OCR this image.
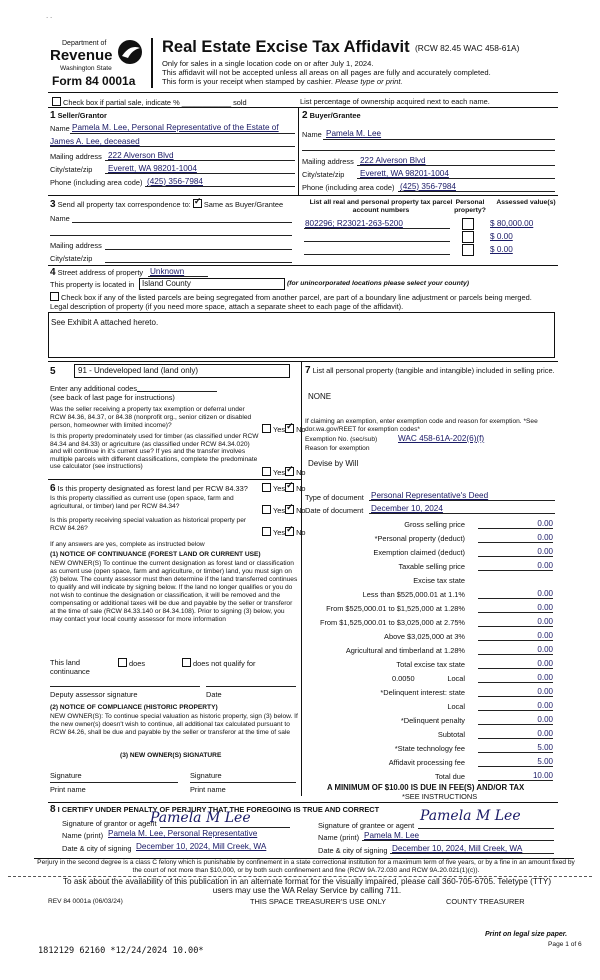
· ·
Department of
Revenue
Washington State
Form 84 0001a
Real Estate Excise Tax Affidavit (RCW 82.45 WAC 458-61A)
Only for sales in a single location code on or after July 1, 2024.
This affidavit will not be accepted unless all areas on all pages are fully and accurately completed.
This form is your receipt when stamped by cashier. Please type or print.
Check box if partial sale, indicate % ____________ sold	List percentage of ownership acquired next to each name.
1 Seller/Grantor
Name Pamela M. Lee, Personal Representative of the Estate of
James A. Lee, deceased
Mailing address 222 Alverson Blvd
City/state/zip Everett, WA 98201-1004
Phone (including area code) (425) 356-7984
2 Buyer/Grantee
Name Pamela M. Lee
Mailing address 222 Alverson Blvd
City/state/zip Everett, WA 98201-1004
Phone (including area code) (425) 356-7984
3 Send all property tax correspondence to: ✓ Same as Buyer/Grantee
Name
Mailing address
City/state/zip
List all real and personal property tax parcel account numbers
Personal property?
Assessed value(s)
802296; R23021-263-5200	$ 80,000.00
$ 0.00
$ 0.00
4 Street address of property Unknown
This property is located in Island County	(for unincorporated locations please select your county)
Check box if any of the listed parcels are being segregated from another parcel, are part of a boundary line adjustment or parcels being merged.
Legal description of property (if you need more space, attach a separate sheet to each page of the affidavit).
See Exhibit A attached hereto.
5	91 - Undeveloped land (land only)
Enter any additional codes
(see back of last page for instructions)
Was the seller receiving a property tax exemption or deferral under RCW 84.36, 84.37, or 84.38 (nonprofit org., senior citizen or disabled person, homeowner with limited income)?	Yes ✓ No
Is this property predominately used for timber (as classified under RCW 84.34 and 84.33) or agriculture (as classified under RCW 84.34.020) and will continue in it's current use? If yes and the transfer involves multiple parcels with different classifications, complete the predominate use calculator (see instructions)
Yes ✓ No
6 Is this property designated as forest land per RCW 84.33?	Yes ✓ No
Is this property classified as current use (open space, farm and agricultural, or timber) land per RCW 84.34?	Yes ✓ No
Is this property receiving special valuation as historical property per RCW 84.26?	Yes ✓ No
If any answers are yes, complete as instructed below
(1) NOTICE OF CONTINUANCE (FOREST LAND OR CURRENT USE)
NEW OWNER(S) To continue the current designation as forest land or classification as current use (open space, farm and agriculture, or timber) land, you must sign on (3) below. The county assessor must then determine if the land transferred continues to qualify and will indicate by signing below. If the land no longer qualifies or you do not wish to continue the designation or classification, it will be removed and the compensating or additional taxes will be due and payable by the seller or transferor at the time of sale (RCW 84.33.140 or 84.34.108). Prior to signing (3) below, you may contact your local county assessor for more information
This land	does	does not qualify for
continuance
Deputy assessor signature	Date
(2) NOTICE OF COMPLIANCE (HISTORIC PROPERTY)
NEW OWNER(S): To continue special valuation as historic property, sign (3) below. If the new owner(s) doesn't wish to continue, all additional tax calculated pursuant to RCW 84.26, shall be due and payable by the seller or transferor at the time of sale
(3) NEW OWNER(S) SIGNATURE
Signature	Signature
Print name	Print name
7 List all personal property (tangible and intangible) included in selling price.
NONE
If claiming an exemption, enter exemption code and reason for exemption. *See dor.wa.gov/REET for exemption codes*
Exemption No. (sec/sub)	WAC 458-61A-202(6)(f)
Reason for exemption
Devise by Will
Type of document Personal Representative's Deed
Date of document December 10, 2024
Gross selling price	0.00
*Personal property (deduct)	0.00
Exemption claimed (deduct)	0.00
Taxable selling price	0.00
Excise tax state
Less than $525,000.01 at 1.1%	0.00
From $525,000.01 to $1,525,000 at 1.28%	0.00
From $1,525,000.01 to $3,025,000 at 2.75%	0.00
Above $3,025,000 at 3%	0.00
Agricultural and timberland at 1.28%	0.00
Total excise tax state	0.00
0.0050	Local	0.00
*Delinquent interest: state	0.00
Local	0.00
*Delinquent penalty	0.00
Subtotal	0.00
*State technology fee	5.00
Affidavit processing fee	5.00
Total due	10.00
A MINIMUM OF $10.00 IS DUE IN FEE(S) AND/OR TAX
*SEE INSTRUCTIONS
8 I CERTIFY UNDER PENALTY OF PERJURY THAT THE FOREGOING IS TRUE AND CORRECT
Signature of grantor or agent
Pamela M Lee
Name (print) Pamela M. Lee, Personal Representative
Date & city of signing December 10, 2024, Mill Creek, WA
Signature of grantee or agent
Pamela M Lee
Name (print) Pamela M. Lee
Date & city of signing December 10, 2024, Mill Creek, WA
Perjury in the second degree is a class C felony which is punishable by confinement in a state correctional institution for a maximum term of five years, or by a fine in an amount fixed by the court of not more than $10,000, or by both such confinement and fine (RCW 9A.72.030 and RCW 9A.20.021(1)(c)).
To ask about the availability of this publication in an alternate format for the visually impaired, please call 360-705-6705. Teletype (TTY) users may use the WA Relay Service by calling 711.
REV 84 0001a (06/03/24)	THIS SPACE TREASURER'S USE ONLY	COUNTY TREASURER
Print on legal size paper.
Page 1 of 6
1812129 62160 *12/24/2024 10.00*
